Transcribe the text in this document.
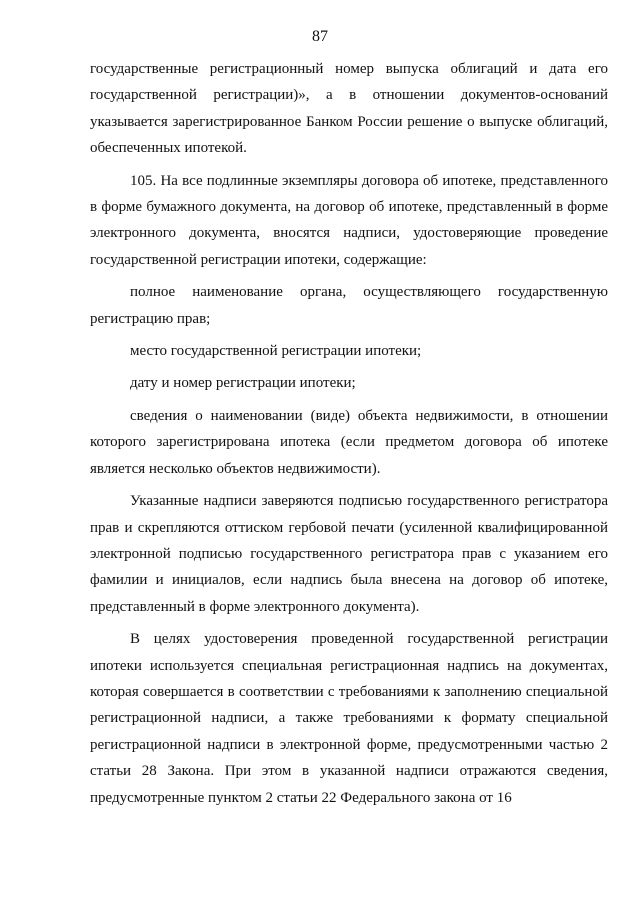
87

государственные регистрационный номер выпуска облигаций и дата его государственной регистрации)», а в отношении документов-оснований указывается зарегистрированное Банком России решение о выпуске облигаций, обеспеченных ипотекой.

105. На все подлинные экземпляры договора об ипотеке, представленного в форме бумажного документа, на договор об ипотеке, представленный в форме электронного документа, вносятся надписи, удостоверяющие проведение государственной регистрации ипотеки, содержащие:

полное наименование органа, осуществляющего государственную регистрацию прав;

место государственной регистрации ипотеки;

дату и номер регистрации ипотеки;

сведения о наименовании (виде) объекта недвижимости, в отношении которого зарегистрирована ипотека (если предметом договора об ипотеке является несколько объектов недвижимости).

Указанные надписи заверяются подписью государственного регистратора прав и скрепляются оттиском гербовой печати (усиленной квалифицированной электронной подписью государственного регистратора прав с указанием его фамилии и инициалов, если надпись была внесена на договор об ипотеке, представленный в форме электронного документа).

В целях удостоверения проведенной государственной регистрации ипотеки используется специальная регистрационная надпись на документах, которая совершается в соответствии с требованиями к заполнению специальной регистрационной надписи, а также требованиями к формату специальной регистрационной надписи в электронной форме, предусмотренными частью 2 статьи 28 Закона. При этом в указанной надписи отражаются сведения, предусмотренные пунктом 2 статьи 22 Федерального закона от 16
